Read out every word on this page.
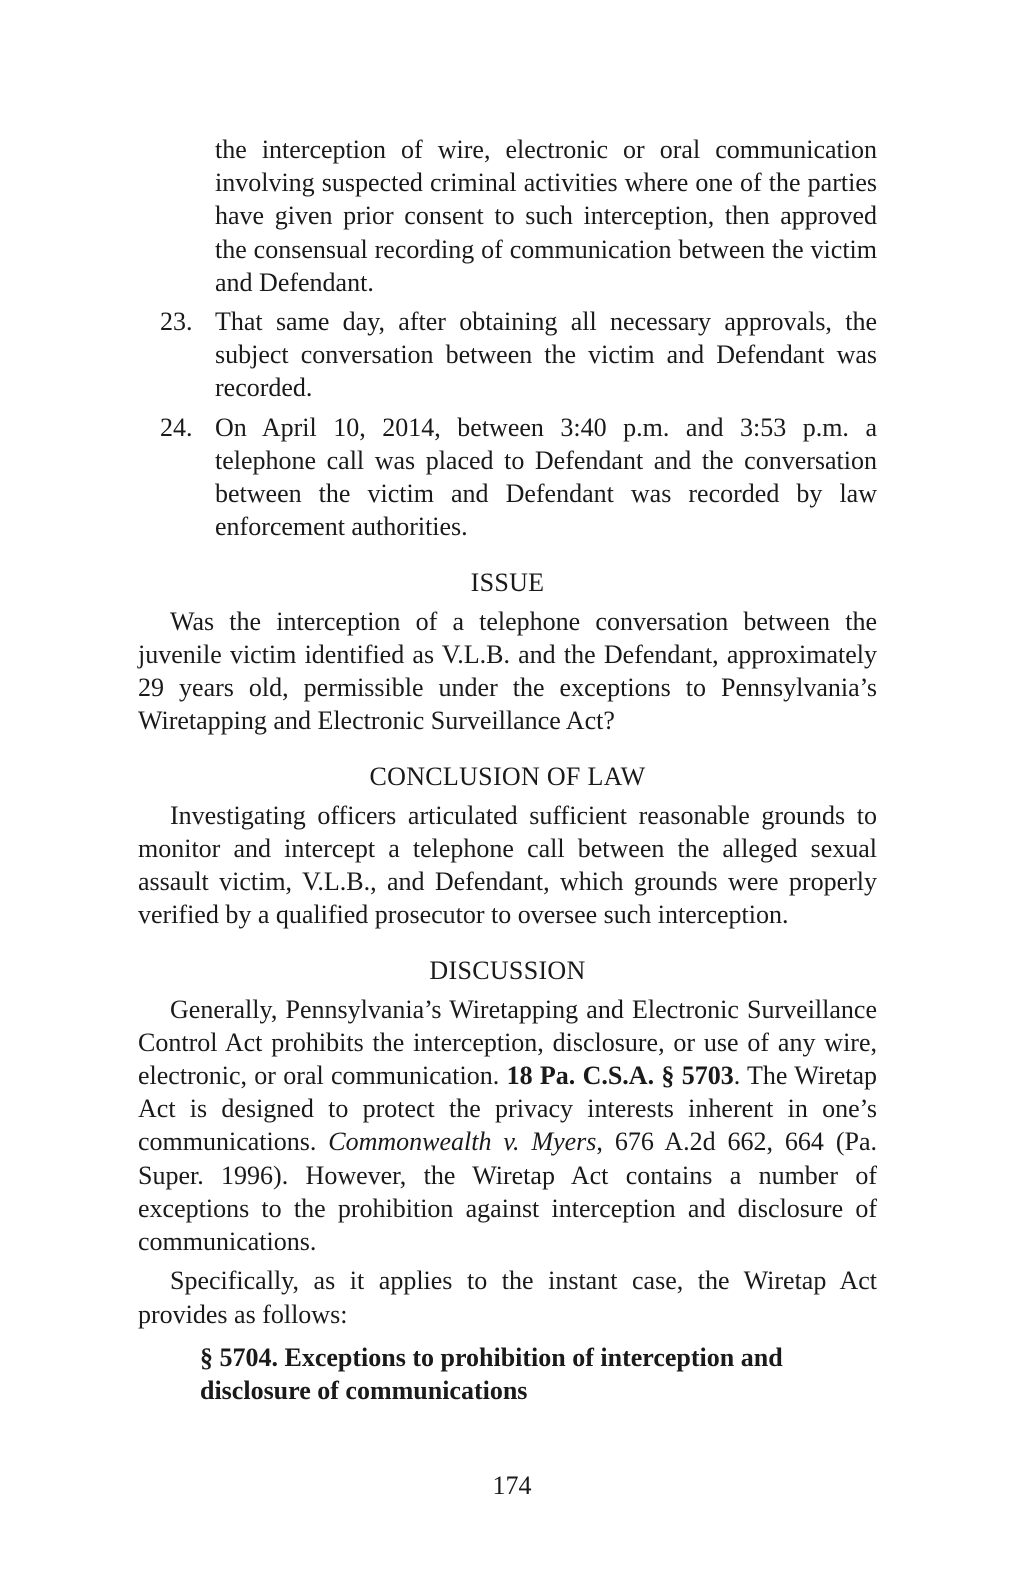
the interception of wire, electronic or oral communication involving suspected criminal activities where one of the parties have given prior consent to such interception, then approved the consensual recording of communication between the victim and Defendant.

23. That same day, after obtaining all necessary approvals, the subject conversation between the victim and Defendant was recorded.
24. On April 10, 2014, between 3:40 p.m. and 3:53 p.m. a telephone call was placed to Defendant and the conversation between the victim and Defendant was recorded by law enforcement authorities.

ISSUE

Was the interception of a telephone conversation between the juvenile victim identified as V.L.B. and the Defendant, approximately 29 years old, permissible under the exceptions to Pennsylvania’s Wiretapping and Electronic Surveillance Act?

CONCLUSION OF LAW

Investigating officers articulated sufficient reasonable grounds to monitor and intercept a telephone call between the alleged sexual assault victim, V.L.B., and Defendant, which grounds were properly verified by a qualified prosecutor to oversee such interception.

DISCUSSION

Generally, Pennsylvania’s Wiretapping and Electronic Surveillance Control Act prohibits the interception, disclosure, or use of any wire, electronic, or oral communication. 18 Pa. C.S.A. § 5703. The Wiretap Act is designed to protect the privacy interests inherent in one’s communications. Commonwealth v. Myers, 676 A.2d 662, 664 (Pa. Super. 1996). However, the Wiretap Act contains a number of exceptions to the prohibition against interception and disclosure of communications.

Specifically, as it applies to the instant case, the Wiretap Act provides as follows:

§ 5704. Exceptions to prohibition of interception and disclosure of communications

174
